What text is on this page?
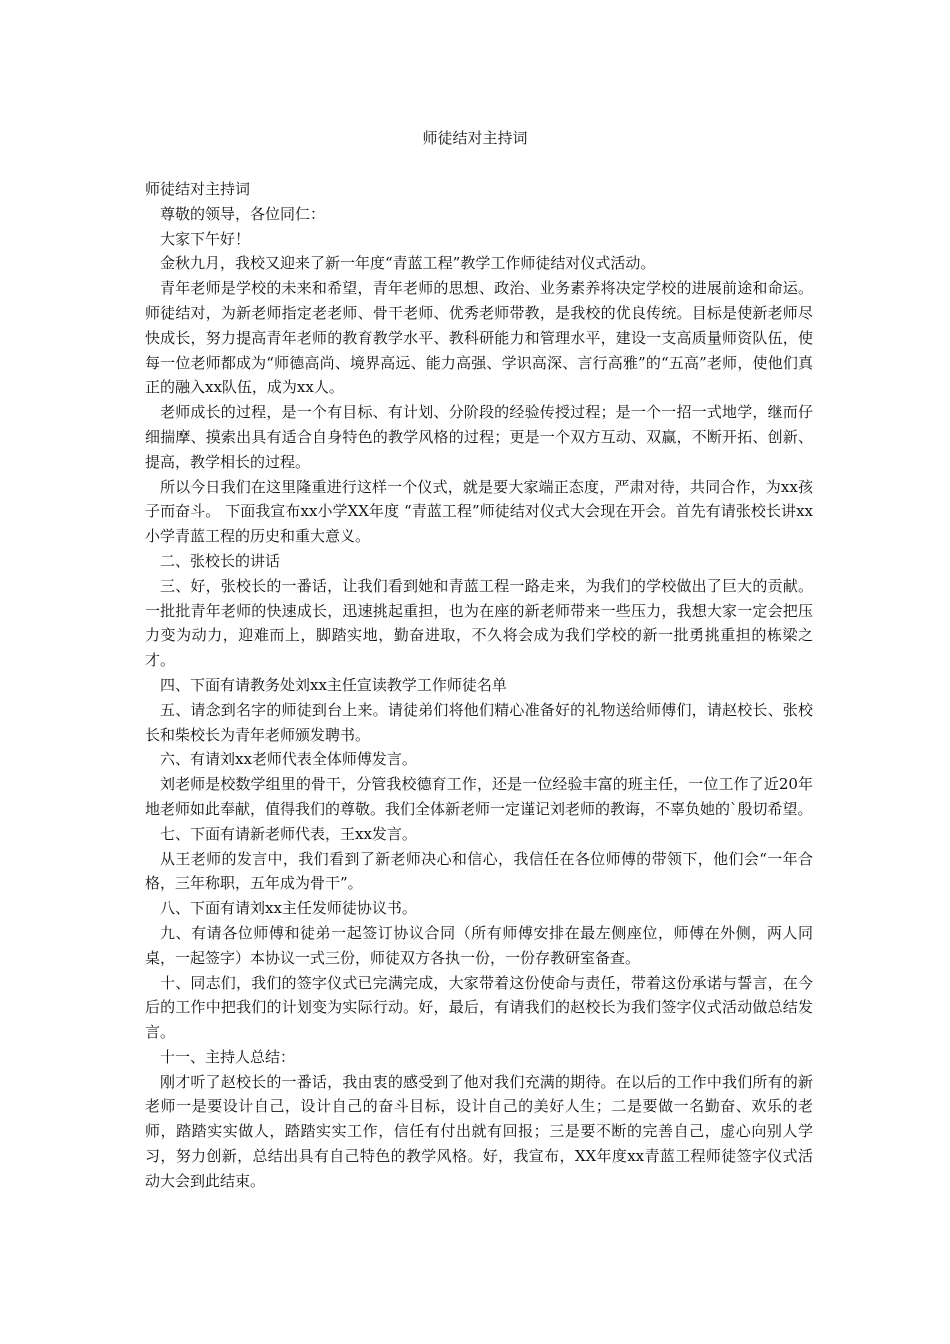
师徒结对主持词

师徒结对主持词

尊敬的领导，各位同仁：

大家下午好！

金秋九月，我校又迎来了新一年度“青蓝工程”教学工作师徒结对仪式活动。

青年老师是学校的未来和希望，青年老师的思想、政治、业务素养将决定学校的进展前途和命运。师徒结对，为新老师指定老老师、骨干老师、优秀老师带教，是我校的优良传统。目标是使新老师尽快成长，努力提高青年老师的教育教学水平、教科研能力和管理水平，建设一支高质量师资队伍，使每一位老师都成为“师德高尚、境界高远、能力高强、学识高深、言行高雅”的“五高”老师，使他们真正的融入xx队伍，成为xx人。

老师成长的过程，是一个有目标、有计划、分阶段的经验传授过程；是一个一招一式地学，继而仔细揣摩、摸索出具有适合自身特色的教学风格的过程；更是一个双方互动、双赢，不断开拓、创新、提高，教学相长的过程。

所以今日我们在这里隆重进行这样一个仪式，就是要大家端正态度，严肃对待，共同合作，为xx孩子而奋斗。 下面我宣布xx小学XX年度 “青蓝工程”师徒结对仪式大会现在开会。首先有请张校长讲xx小学青蓝工程的历史和重大意义。

二、张校长的讲话

三、好，张校长的一番话，让我们看到她和青蓝工程一路走来，为我们的学校做出了巨大的贡献。一批批青年老师的快速成长，迅速挑起重担，也为在座的新老师带来一些压力，我想大家一定会把压力变为动力，迎难而上，脚踏实地，勤奋进取，不久将会成为我们学校的新一批勇挑重担的栋梁之才。

四、下面有请教务处刘xx主任宣读教学工作师徒名单

五、请念到名字的师徒到台上来。请徒弟们将他们精心准备好的礼物送给师傅们，请赵校长、张校长和柴校长为青年老师颁发聘书。

六、有请刘xx老师代表全体师傅发言。

刘老师是校数学组里的骨干，分管我校德育工作，还是一位经验丰富的班主任，一位工作了近20年地老师如此奉献，值得我们的尊敬。我们全体新老师一定谨记刘老师的教诲，不辜负她的`殷切希望。

七、下面有请新老师代表，王xx发言。

从王老师的发言中，我们看到了新老师决心和信心，我信任在各位师傅的带领下，他们会“一年合格，三年称职，五年成为骨干”。

八、下面有请刘xx主任发师徒协议书。

九、有请各位师傅和徒弟一起签订协议合同（所有师傅安排在最左侧座位，师傅在外侧，两人同桌，一起签字）本协议一式三份，师徒双方各执一份，一份存教研室备查。

十、同志们，我们的签字仪式已完满完成，大家带着这份使命与责任，带着这份承诺与誓言，在今后的工作中把我们的计划变为实际行动。好，最后，有请我们的赵校长为我们签字仪式活动做总结发言。

十一、主持人总结：

刚才听了赵校长的一番话，我由衷的感受到了他对我们充满的期待。在以后的工作中我们所有的新老师一是要设计自己，设计自己的奋斗目标，设计自己的美好人生；二是要做一名勤奋、欢乐的老师，踏踏实实做人，踏踏实实工作，信任有付出就有回报；三是要不断的完善自己，虚心向别人学习，努力创新，总结出具有自己特色的教学风格。好，我宣布，XX年度xx青蓝工程师徒签字仪式活动大会到此结束。
